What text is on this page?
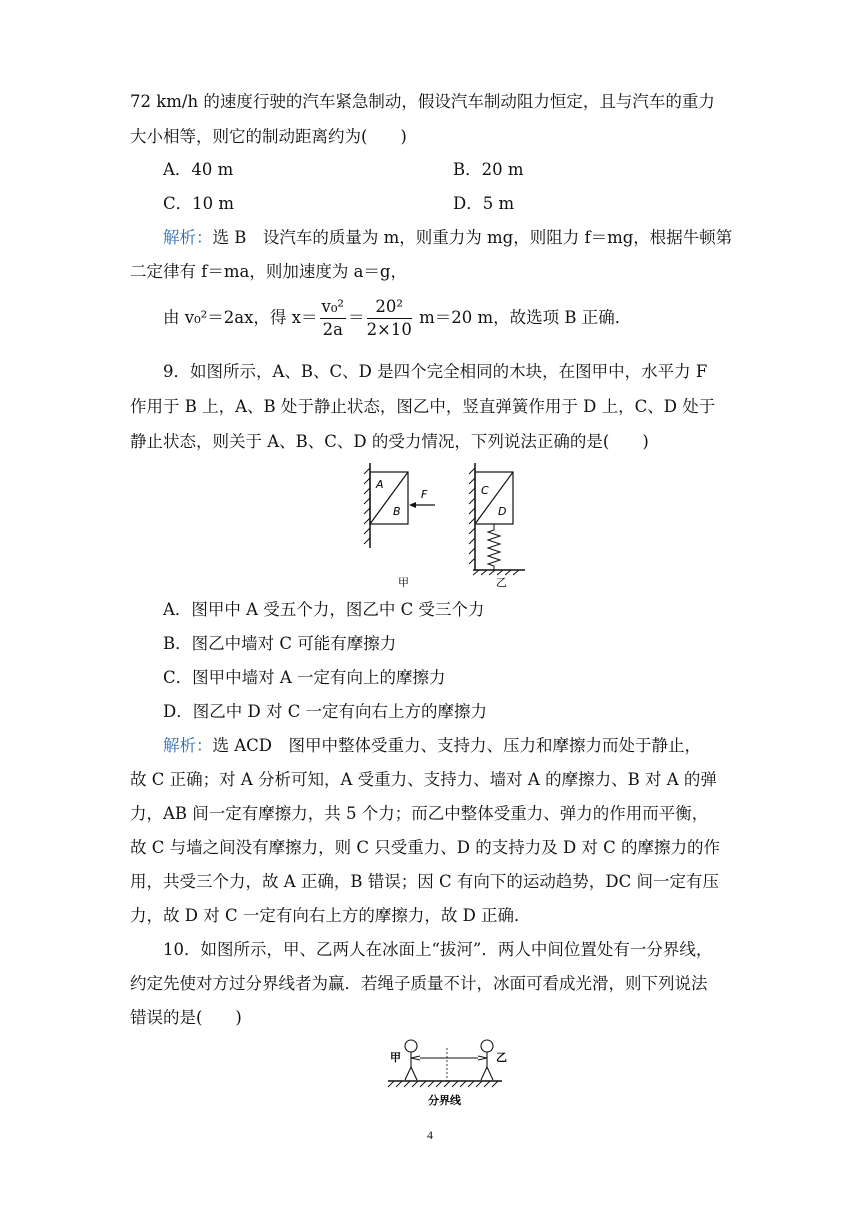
72 km/h 的速度行驶的汽车紧急制动，假设汽车制动阻力恒定，且与汽车的重力
大小相等，则它的制动距离约为(　　)
A．40 m	B．20 m
C．10 m	D．5 m
解析：选 B　设汽车的质量为 m，则重力为 mg，则阻力 f＝mg，根据牛顿第
二定律有 f＝ma，则加速度为 a＝g，
由 v₀²＝2ax，得 $x= \frac{\text{v₀²}}{2a} = \frac{\text{20²}}{2\times 10} m=20$ m，故选项 B 正确．
9．如图所示，A、B、C、D 是四个完全相同的木块，在图甲中，水平力 F
作用于 B 上，A、B 处于静止状态，图乙中，竖直弹簧作用于 D 上，C、D 处于
静止状态，则关于 A、B、C、D 的受力情况，下列说法正确的是(　　)
A
B
F	C
D
甲	乙
A．图甲中 A 受五个力，图乙中 C 受三个力
B．图乙中墙对 C 可能有摩擦力
C．图甲中墙对 A 一定有向上的摩擦力
D．图乙中 D 对 C 一定有向右上方的摩擦力
解析：选 ACD　图甲中整体受重力、支持力、压力和摩擦力而处于静止，
故 C 正确；对 A 分析可知，A 受重力、支持力、墙对 A 的摩擦力、B 对 A 的弹
力，AB 间一定有摩擦力，共 5 个力；而乙中整体受重力、弹力的作用而平衡，
故 C 与墙之间没有摩擦力，则 C 只受重力、D 的支持力及 D 对 C 的摩擦力的作
用，共受三个力，故 A 正确，B 错误；因 C 有向下的运动趋势，DC 间一定有压
力，故 D 对 C 一定有向右上方的摩擦力，故 D 正确．
10．如图所示，甲、乙两人在冰面上“拔河”．两人中间位置处有一分界线，
约定先使对方过分界线者为赢．若绳子质量不计，冰面可看成光滑，则下列说法
错误的是(　　)
甲	乙
分界线
4
